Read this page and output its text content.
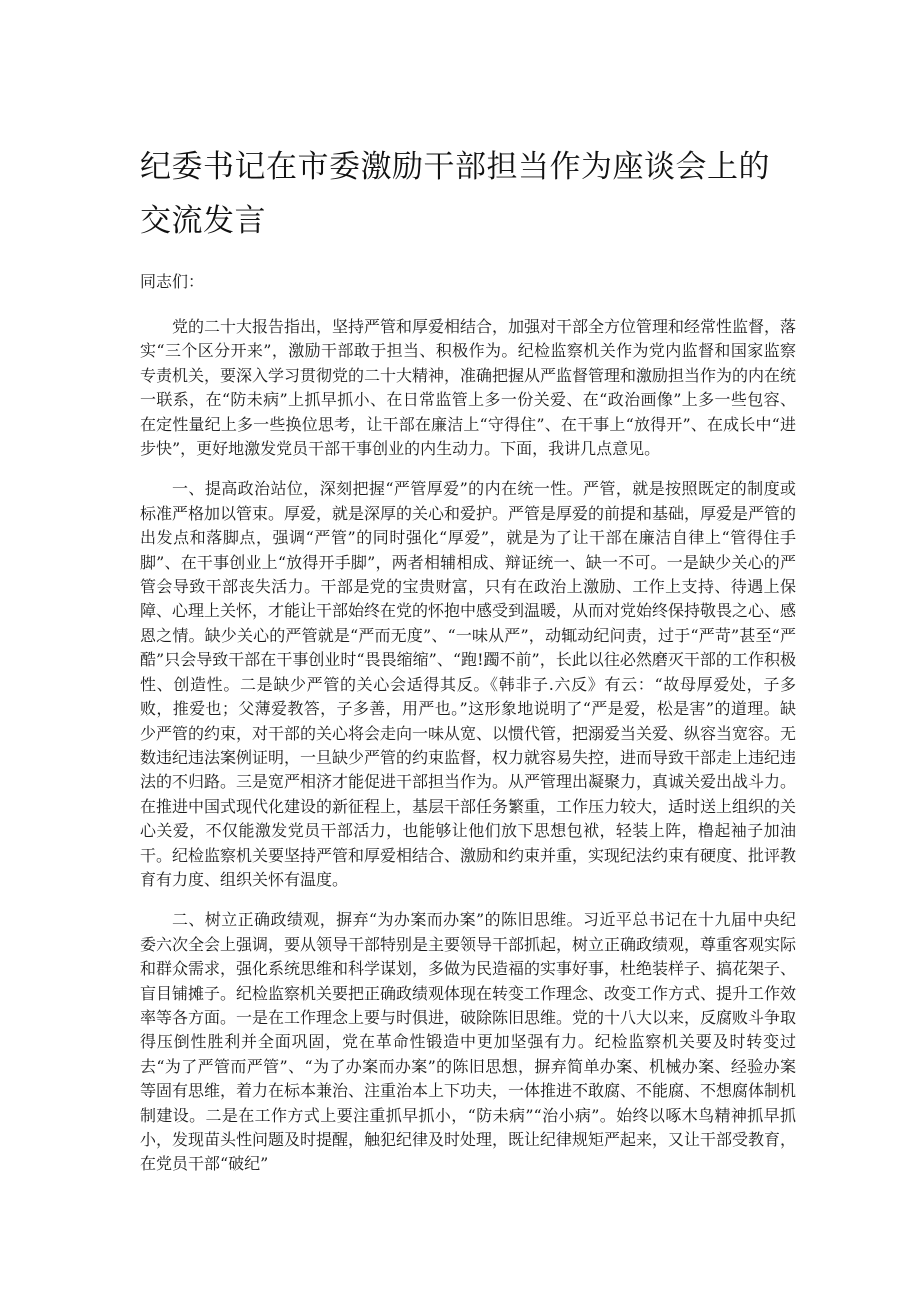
纪委书记在市委激励干部担当作为座谈会上的交流发言

同志们：

党的二十大报告指出，坚持严管和厚爱相结合，加强对干部全方位管理和经常性监督，落实“三个区分开来”，激励干部敢于担当、积极作为。纪检监察机关作为党内监督和国家监察专责机关，要深入学习贯彻党的二十大精神，准确把握从严监督管理和激励担当作为的内在统一联系，在“防未病”上抓早抓小、在日常监管上多一份关爱、在“政治画像”上多一些包容、在定性量纪上多一些换位思考，让干部在廉洁上“守得住”、在干事上“放得开”、在成长中“进步快”，更好地激发党员干部干事创业的内生动力。下面，我讲几点意见。

一、提高政治站位，深刻把握“严管厚爱”的内在统一性。严管，就是按照既定的制度或标准严格加以管束。厚爱，就是深厚的关心和爱护。严管是厚爱的前提和基础，厚爱是严管的出发点和落脚点，强调“严管”的同时强化“厚爱”，就是为了让干部在廉洁自律上“管得住手脚”、在干事创业上“放得开手脚”，两者相辅相成、辩证统一、缺一不可。一是缺少关心的严管会导致干部丧失活力。干部是党的宝贵财富，只有在政治上激励、工作上支持、待遇上保障、心理上关怀，才能让干部始终在党的怀抱中感受到温暖，从而对党始终保持敬畏之心、感恩之情。缺少关心的严管就是“严而无度”、“一味从严”，动辄动纪问责，过于“严苛”甚至“严酷”只会导致干部在干事创业时“畏畏缩缩”、“跑!躅不前”，长此以往必然磨灭干部的工作积极性、创造性。二是缺少严管的关心会适得其反。《韩非子.六反》有云：“故母厚爱处，子多败，推爱也；父薄爱教答，子多善，用严也。”这形象地说明了“严是爱，松是害”的道理。缺少严管的约束，对干部的关心将会走向一味从宽、以惯代管，把溺爱当关爱、纵容当宽容。无数违纪违法案例证明，一旦缺少严管的约束监督，权力就容易失控，进而导致干部走上违纪违法的不归路。三是宽严相济才能促进干部担当作为。从严管理出凝聚力，真诚关爱出战斗力。在推进中国式现代化建设的新征程上，基层干部任务繁重，工作压力较大，适时送上组织的关心关爱，不仅能激发党员干部活力，也能够让他们放下思想包袱，轻装上阵，橹起袖子加油干。纪检监察机关要坚持严管和厚爱相结合、激励和约束并重，实现纪法约束有硬度、批评教育有力度、组织关怀有温度。

二、树立正确政绩观，摒弃“为办案而办案”的陈旧思维。习近平总书记在十九届中央纪委六次全会上强调，要从领导干部特别是主要领导干部抓起，树立正确政绩观，尊重客观实际和群众需求，强化系统思维和科学谋划，多做为民造福的实事好事，杜绝装样子、搞花架子、盲目铺摊子。纪检监察机关要把正确政绩观体现在转变工作理念、改变工作方式、提升工作效率等各方面。一是在工作理念上要与时俱进，破除陈旧思维。党的十八大以来，反腐败斗争取得压倒性胜利并全面巩固，党在革命性锻造中更加坚强有力。纪检监察机关要及时转变过去“为了严管而严管”、“为了办案而办案”的陈旧思想，摒弃简单办案、机械办案、经验办案等固有思维，着力在标本兼治、注重治本上下功夫，一体推进不敢腐、不能腐、不想腐体制机制建设。二是在工作方式上要注重抓早抓小，“防未病”“治小病”。始终以啄木鸟精神抓早抓小，发现苗头性问题及时提醒，触犯纪律及时处理，既让纪律规矩严起来，又让干部受教育，在党员干部“破纪”
